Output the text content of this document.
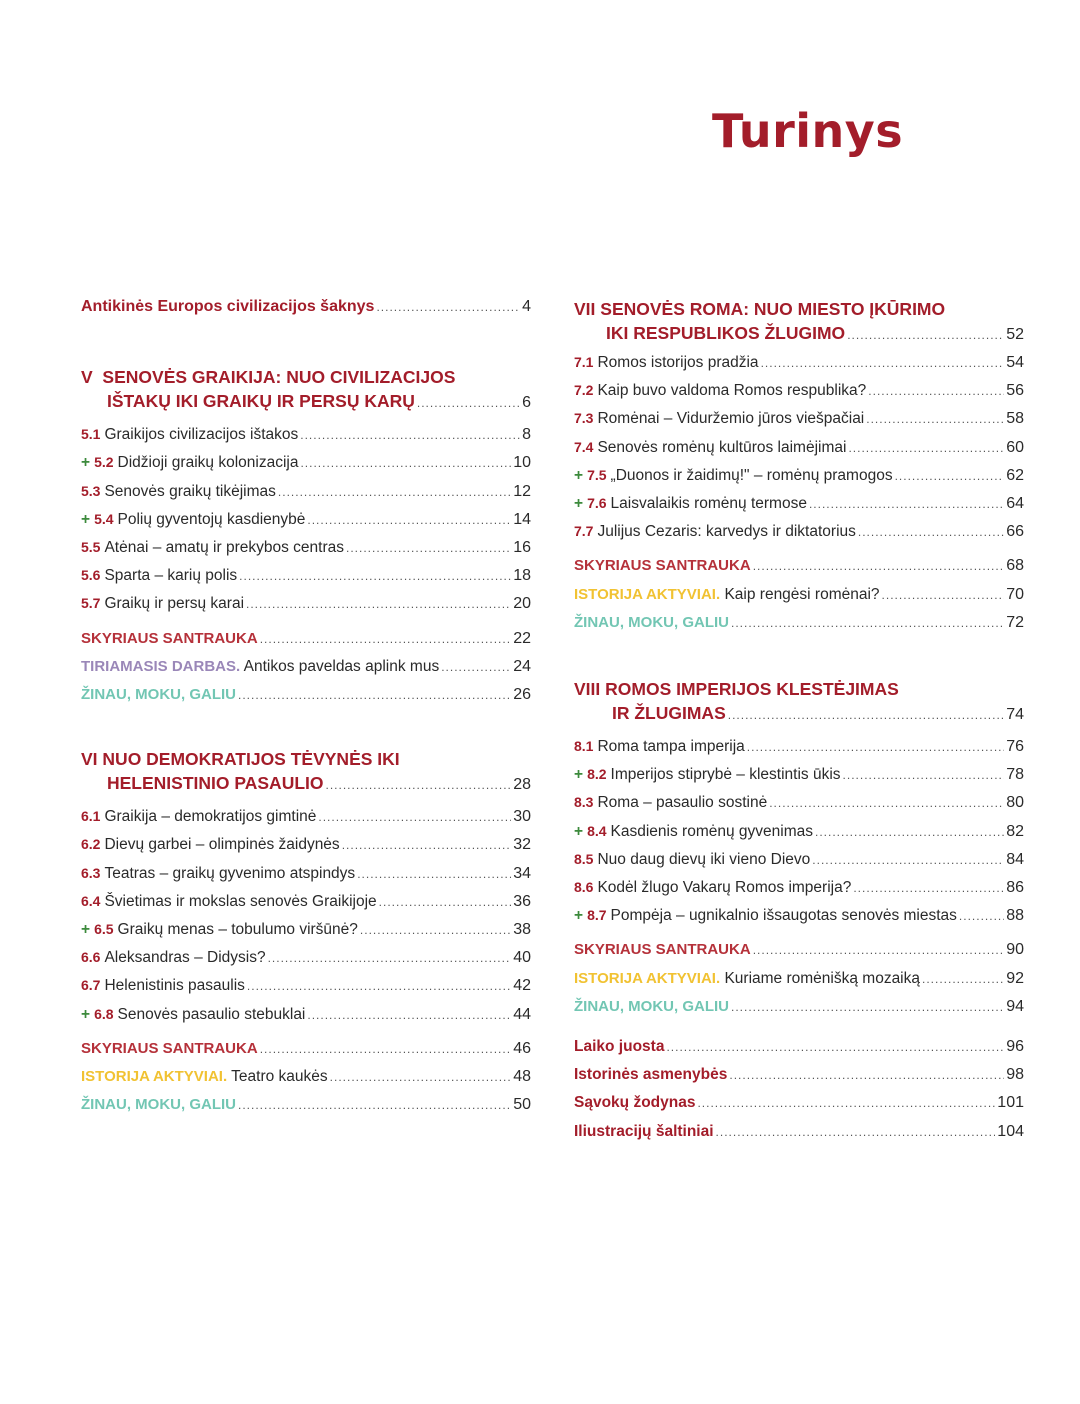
Turinys
Antikinės Europos civilizacijos šaknys .....	4
V SENOVĖS GRAIKIJA: NUO CIVILIZACIJOS
IŠTAKŲ IKI GRAIKŲ IR PERSŲ KARŲ .....	6
5.1 Graikijos civilizacijos ištakos .....	8
+ 5.2 Didžioji graikų kolonizacija .....	10
5.3 Senovės graikų tikėjimas .....	12
+ 5.4 Polių gyventojų kasdienybė .....	14
5.5 Atėnai – amatų ir prekybos centras .....	16
5.6 Sparta – karių polis .....	18
5.7 Graikų ir persų karai .....	20
SKYRIAUS SANTRAUKA .....	22
TIRIAMASIS DARBAS. Antikos paveldas aplink mus .....	24
ŽINAU, MOKU, GALIU .....	26
VI NUO DEMOKRATIJOS TĖVYNĖS IKI
HELENISTINIO PASAULIO .....	28
6.1 Graikija – demokratijos gimtinė .....	30
6.2 Dievų garbei – olimpinės žaidynės .....	32
6.3 Teatras – graikų gyvenimo atspindys .....	34
6.4 Švietimas ir mokslas senovės Graikijoje .....	36
+ 6.5 Graikų menas – tobulumo viršūnė? .....	38
6.6 Aleksandras – Didysis? .....	40
6.7 Helenistinis pasaulis .....	42
+ 6.8 Senovės pasaulio stebuklai .....	44
SKYRIAUS SANTRAUKA .....	46
ISTORIJA AKTYVIAI. Teatro kaukės .....	48
ŽINAU, MOKU, GALIU .....	50
VII SENOVĖS ROMA: NUO MIESTO ĮKŪRIMO
IKI RESPUBLIKOS ŽLUGIMO .....	52
7.1 Romos istorijos pradžia .....	54
7.2 Kaip buvo valdoma Romos respublika? .....	56
7.3 Romėnai – Viduržemio jūros viešpačiai .....	58
7.4 Senovės romėnų kultūros laimėjimai .....	60
+ 7.5 „Duonos ir žaidimų!" – romėnų pramogos .....	62
+ 7.6 Laisvalaikis romėnų termose .....	64
7.7 Julijus Cezaris: karvedys ir diktatorius .....	66
SKYRIAUS SANTRAUKA .....	68
ISTORIJA AKTYVIAI. Kaip rengėsi romėnai? .....	70
ŽINAU, MOKU, GALIU .....	72
VIII ROMOS IMPERIJOS KLESTĖJIMAS
IR ŽLUGIMAS .....	74
8.1 Roma tampa imperija .....	76
+ 8.2 Imperijos stiprybė – klestintis ūkis .....	78
8.3 Roma – pasaulio sostinė .....	80
+ 8.4 Kasdienis romėnų gyvenimas .....	82
8.5 Nuo daug dievų iki vieno Dievo .....	84
8.6 Kodėl žlugo Vakarų Romos imperija? .....	86
+ 8.7 Pompėja – ugnikalnio išsaugotas senovės miestas .....	88
SKYRIAUS SANTRAUKA .....	90
ISTORIJA AKTYVIAI. Kuriame romėnišką mozaiką .....	92
ŽINAU, MOKU, GALIU .....	94
Laiko juosta .....	96
Istorinės asmenybės .....	98
Sąvokų žodynas .....	101
Iliustracijų šaltiniai .....	104
